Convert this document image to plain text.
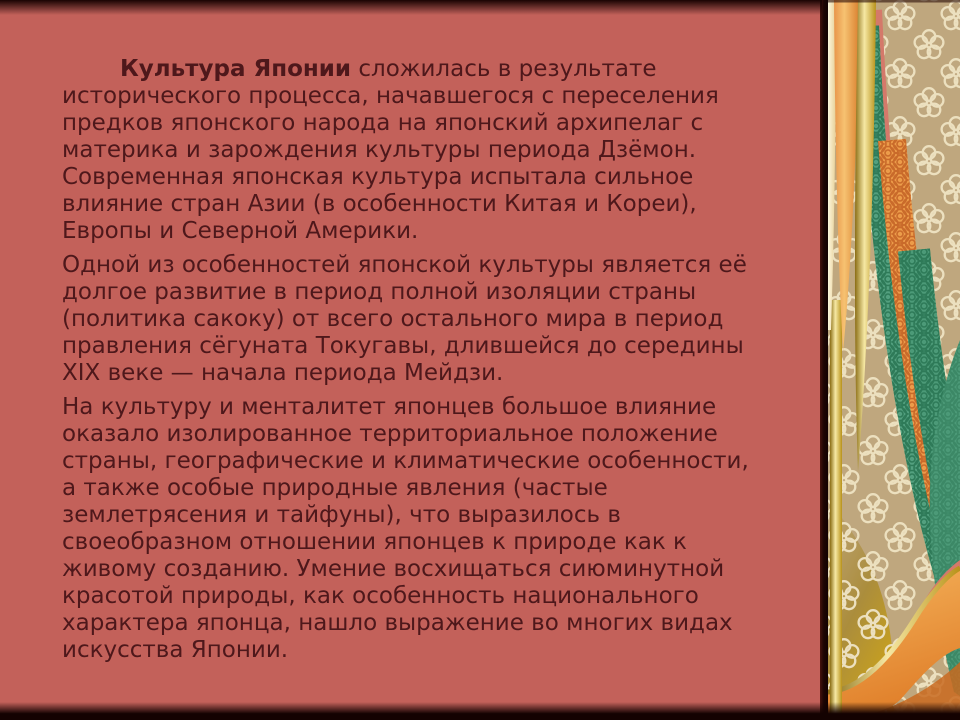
Культура Японии сложилась в результате исторического процесса, начавшегося с переселения предков японского народа на японский архипелаг с материка и зарождения культуры периода Дзёмон. Современная японская культура испытала сильное влияние стран Азии (в особенности Китая и Кореи), Европы и Северной Америки.

Одной из особенностей японской культуры является её долгое развитие в период полной изоляции страны (политика сакоку) от всего остального мира в период правления сёгуната Токугавы, длившейся до середины XIX веке — начала периода Мейдзи.

На культуру и менталитет японцев большое влияние оказало изолированное территориальное положение страны, географические и климатические особенности, а также особые природные явления (частые землетрясения и тайфуны), что выразилось в своеобразном отношении японцев к природе как к живому созданию. Умение восхищаться сиюминутной красотой природы, как особенность национального характера японца, нашло выражение во многих видах искусства Японии.
